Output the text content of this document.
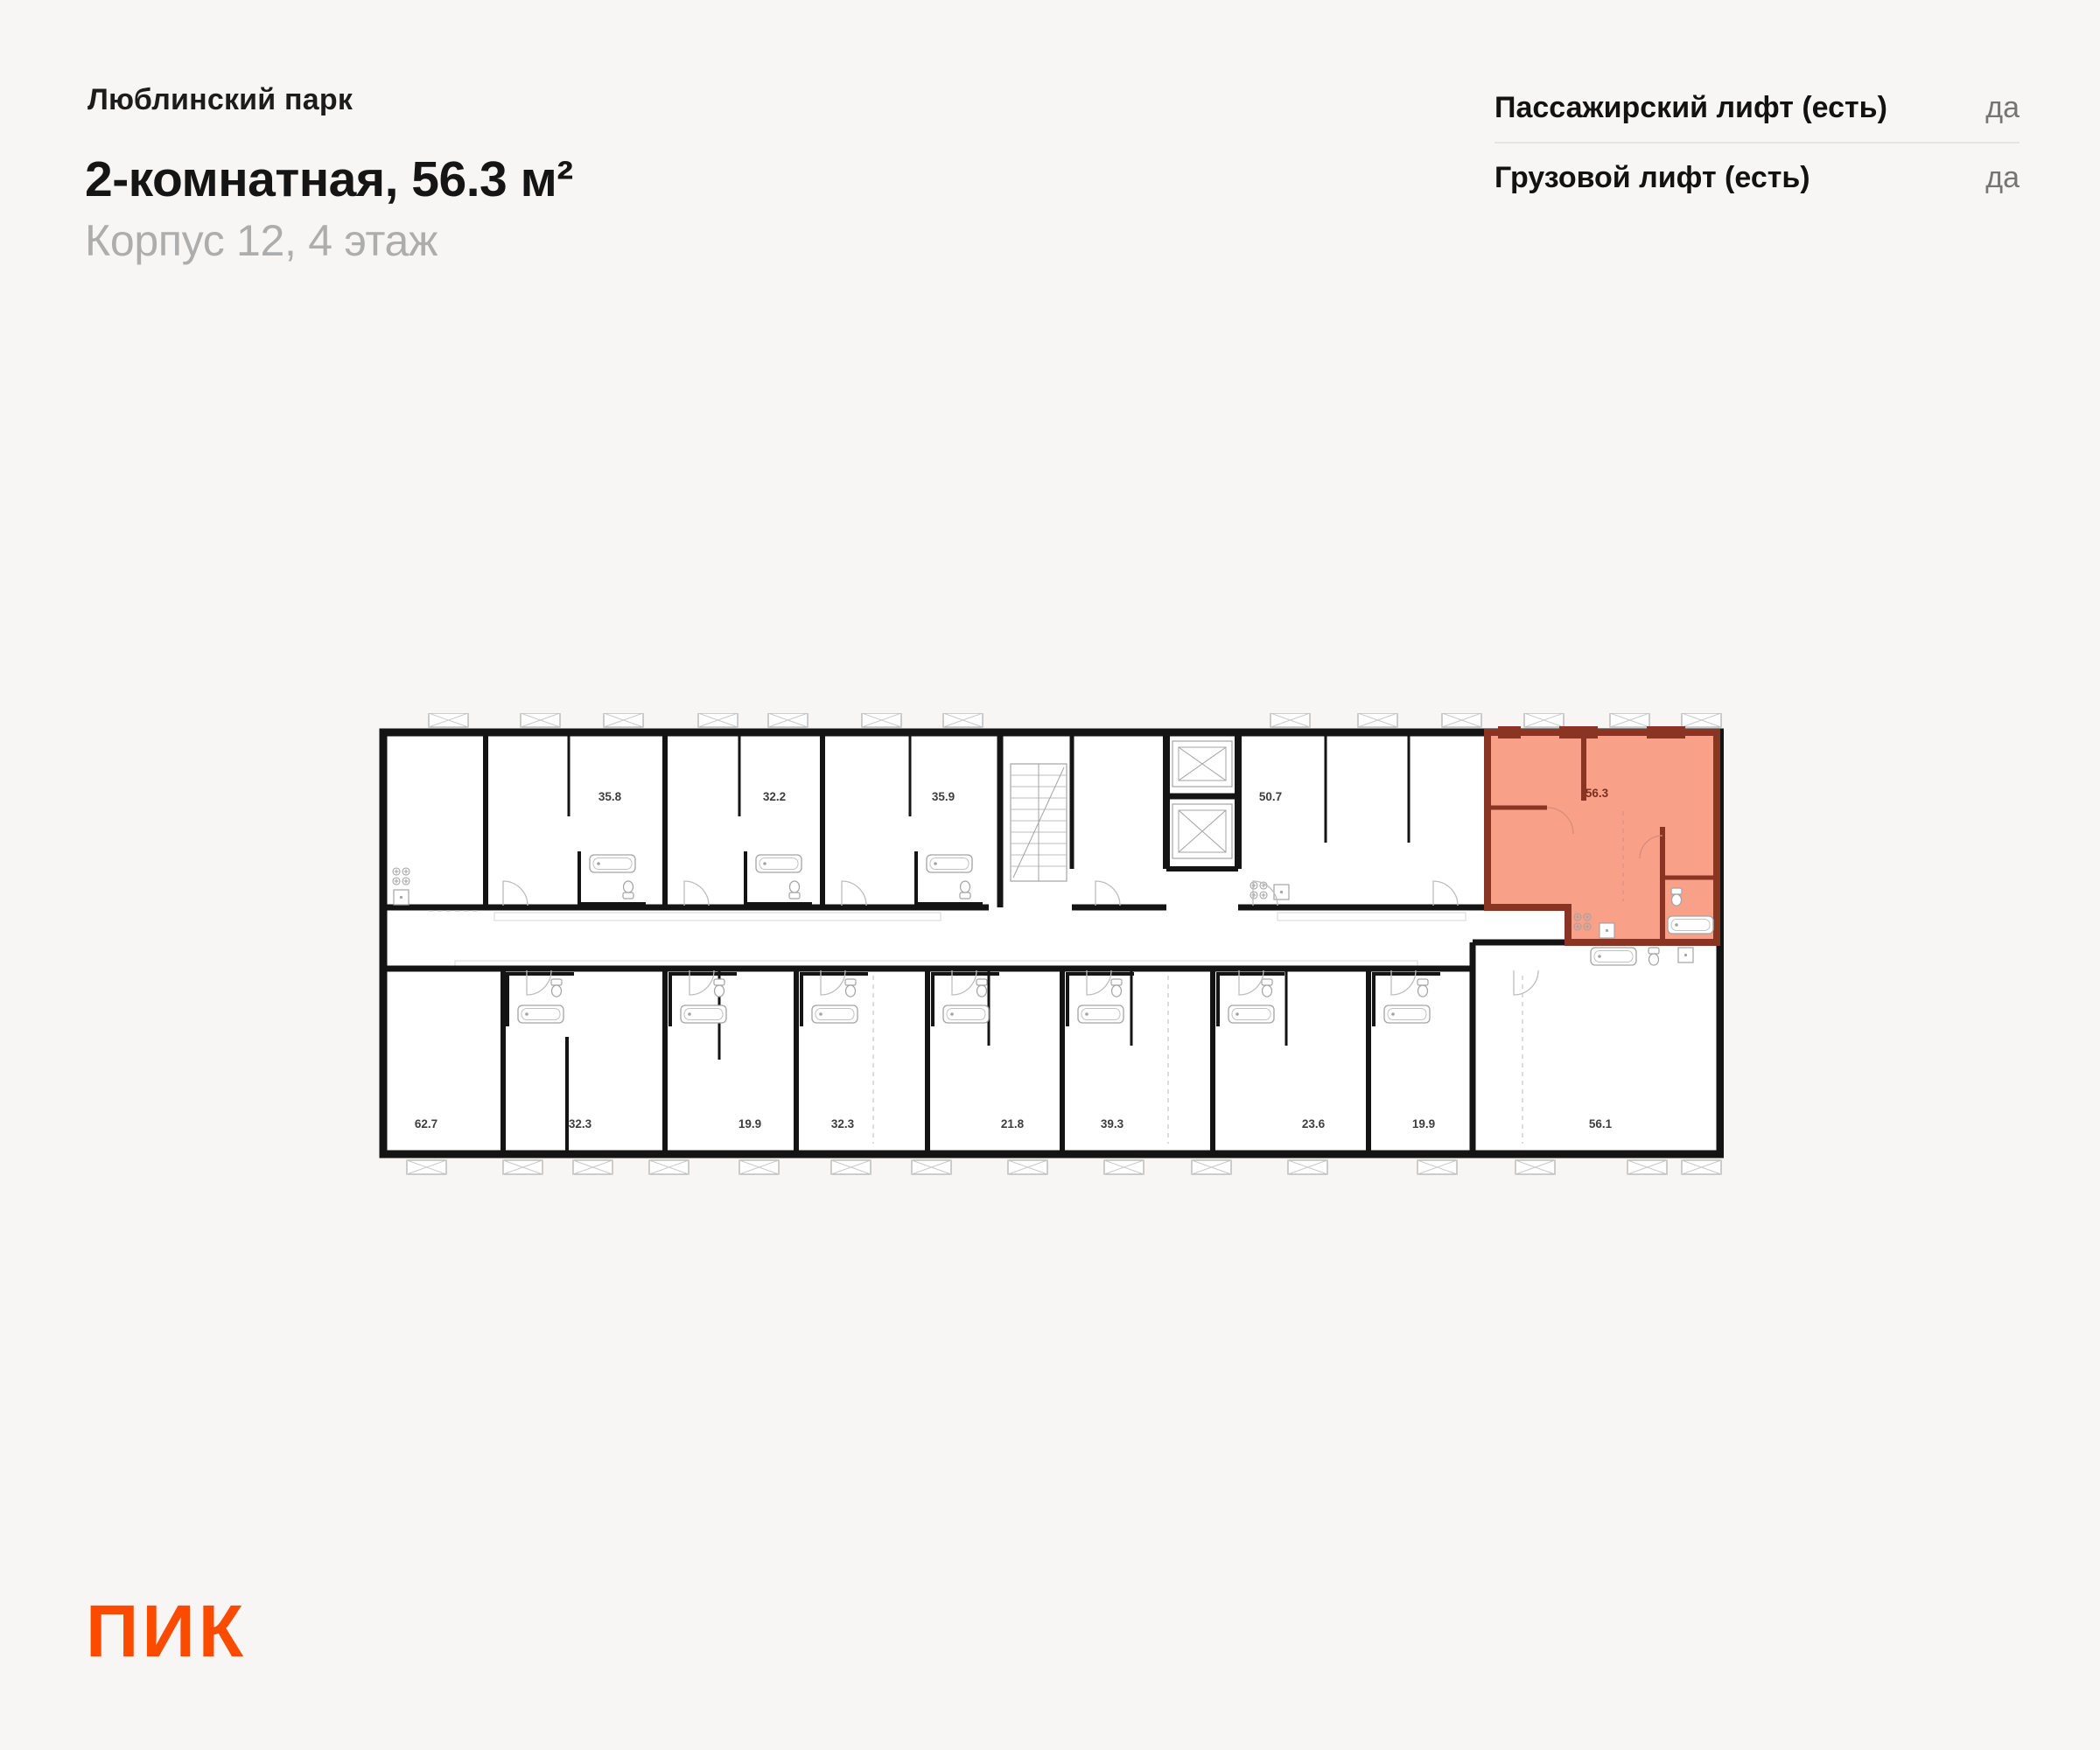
Люблинский парк
2-комнатная, 56.3 м²
Корпус 12, 4 этаж
Пассажирский лифт (есть)	да
Грузовой лифт (есть)	да
56.3
35.8	32.2	35.9	50.7
62.7	32.3	19.9	32.3	21.8	39.3	23.6	19.9	56.1
ПИК
